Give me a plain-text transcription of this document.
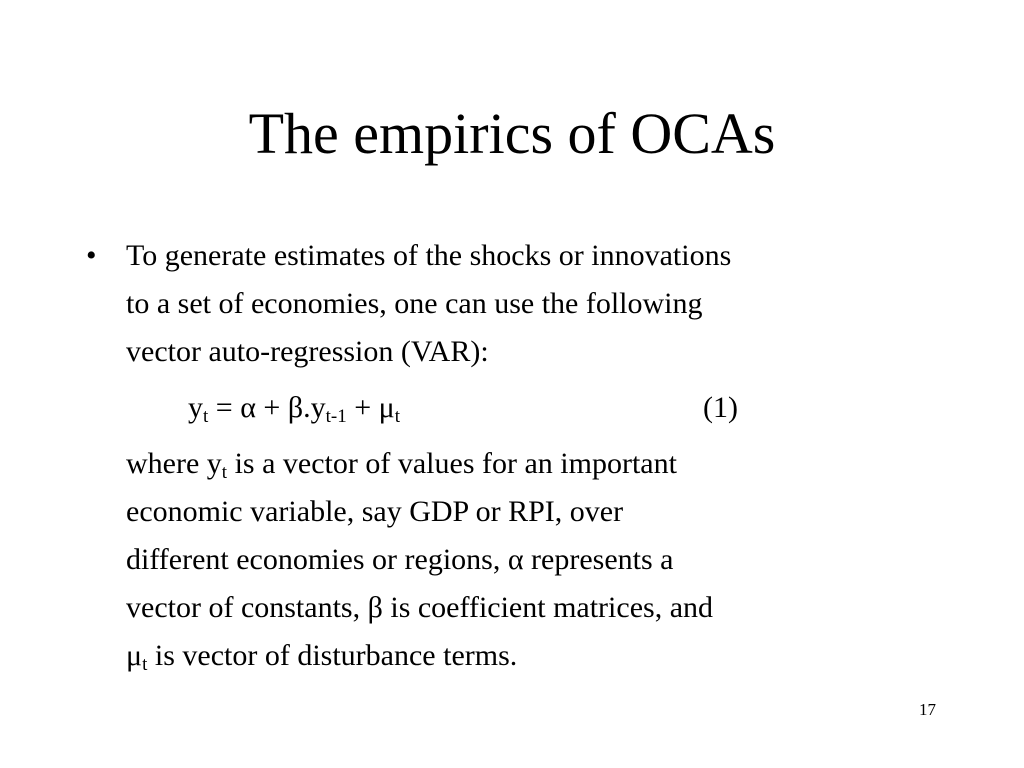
The empirics of OCAs
• To generate estimates of the shocks or innovations
to a set of economies, one can use the following
vector auto-regression (VAR):
$y_t = \alpha + \beta.y_{t-1} + \mu_t$	(1)
where $y_t$ is a vector of values for an important
economic variable, say GDP or RPI, over
different economies or regions, α represents a
vector of constants, β is coefficient matrices, and
$\mu_t$ is vector of disturbance terms.
17
